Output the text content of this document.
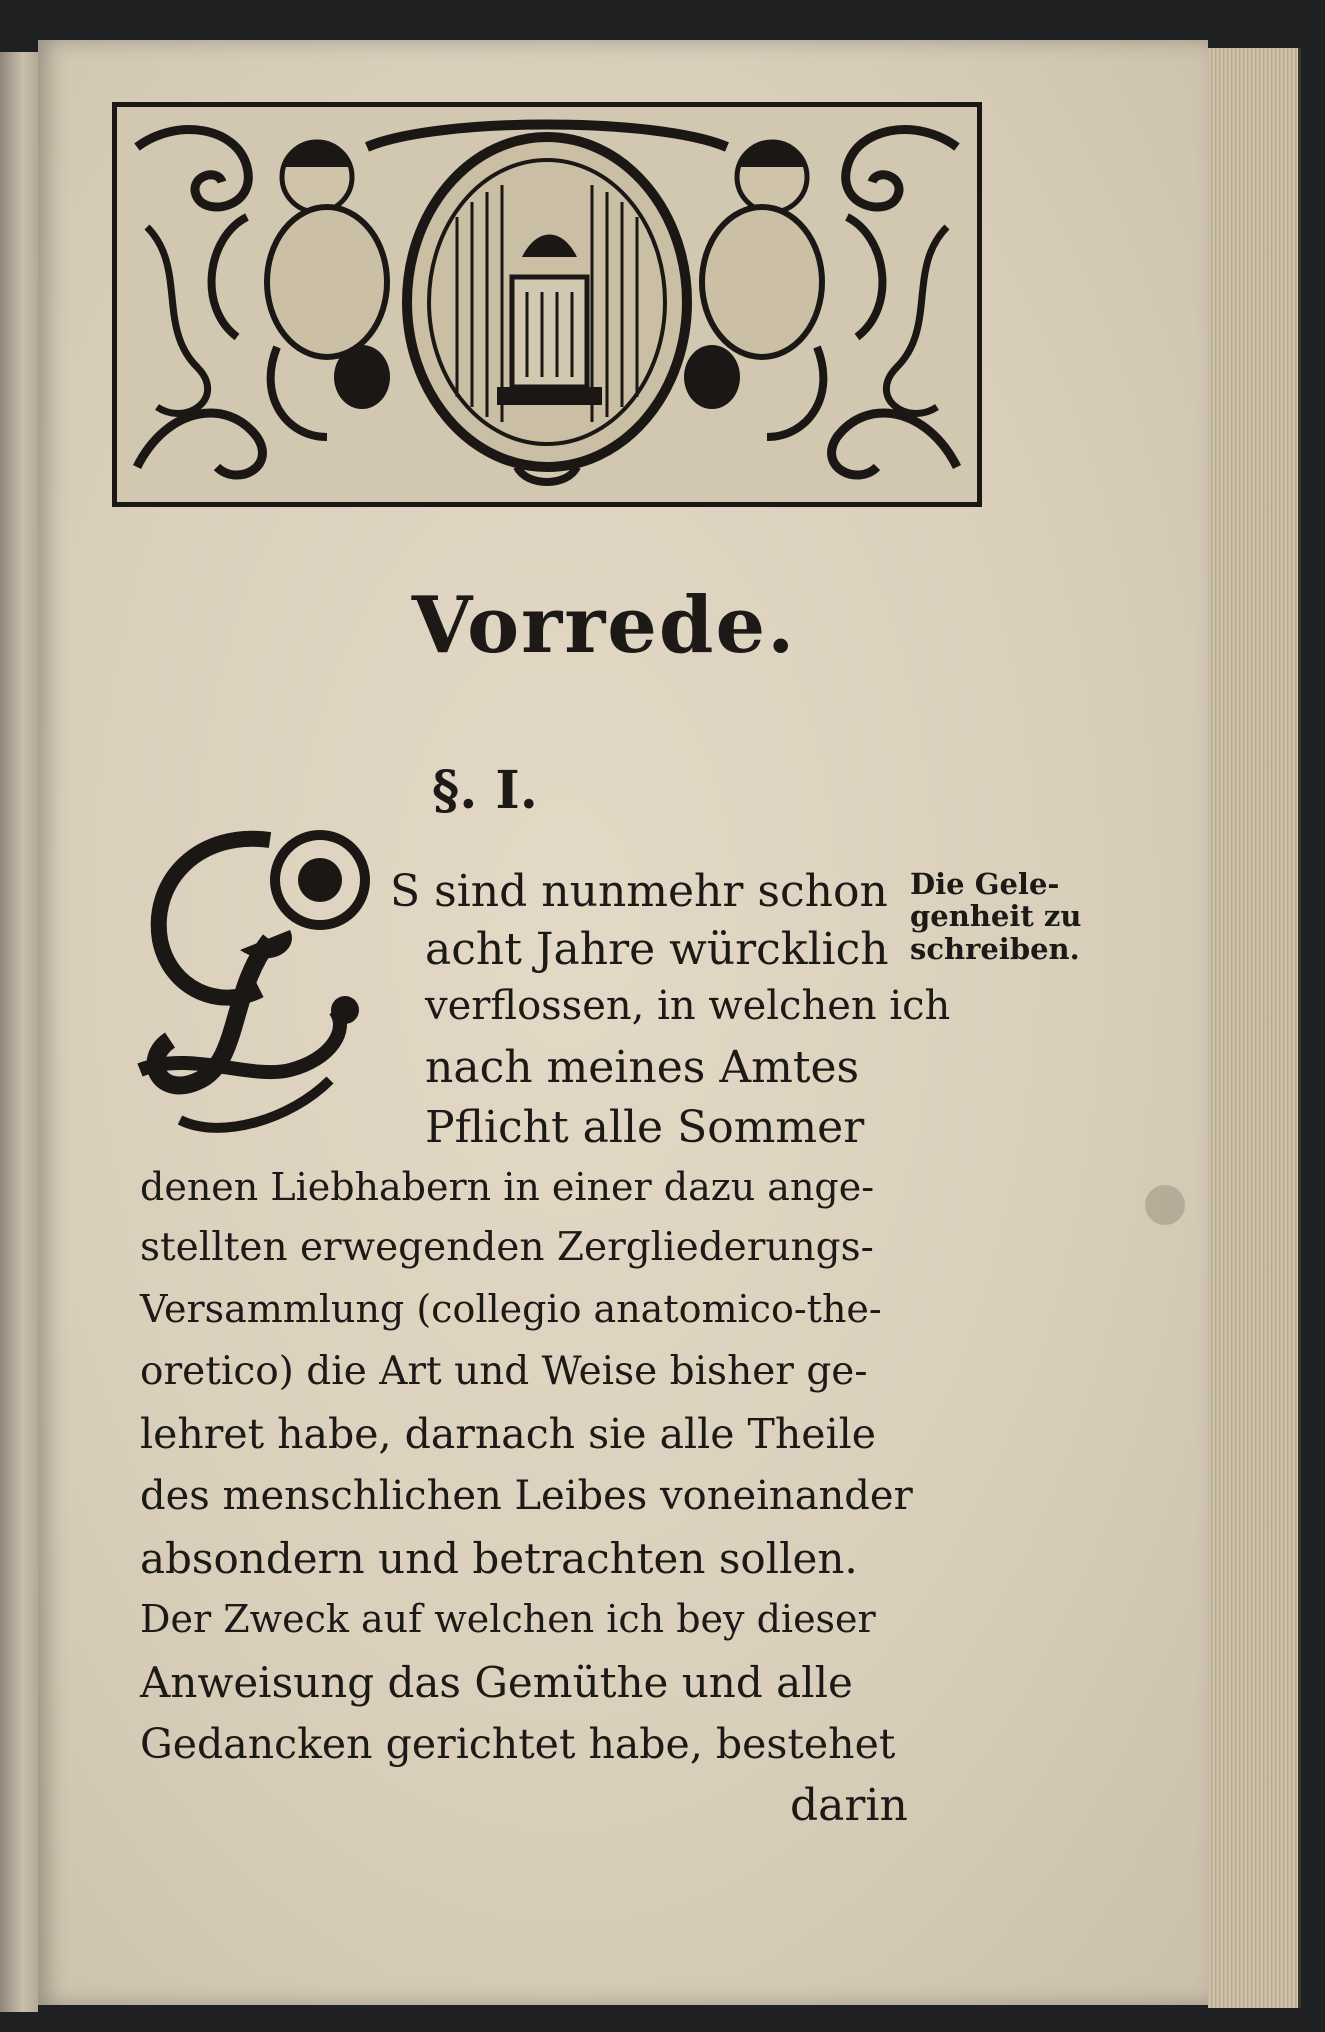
Vorrede.
§. I.
S sind nunmehr schon
acht Jahre würcklich
verflossen, in welchen ich
nach meines Amtes
Pflicht alle Sommer
denen Liebhabern in einer dazu ange-
stellten erwegenden Zergliederungs-
Versammlung (collegio anatomico-the-
oretico) die Art und Weise bisher ge-
lehret habe, darnach sie alle Theile
des menschlichen Leibes voneinander
absondern und betrachten sollen.
Der Zweck auf welchen ich bey dieser
Anweisung das Gemüthe und alle
Gedancken gerichtet habe, bestehet
darin
Die Gele-
genheit zu
schreiben.
